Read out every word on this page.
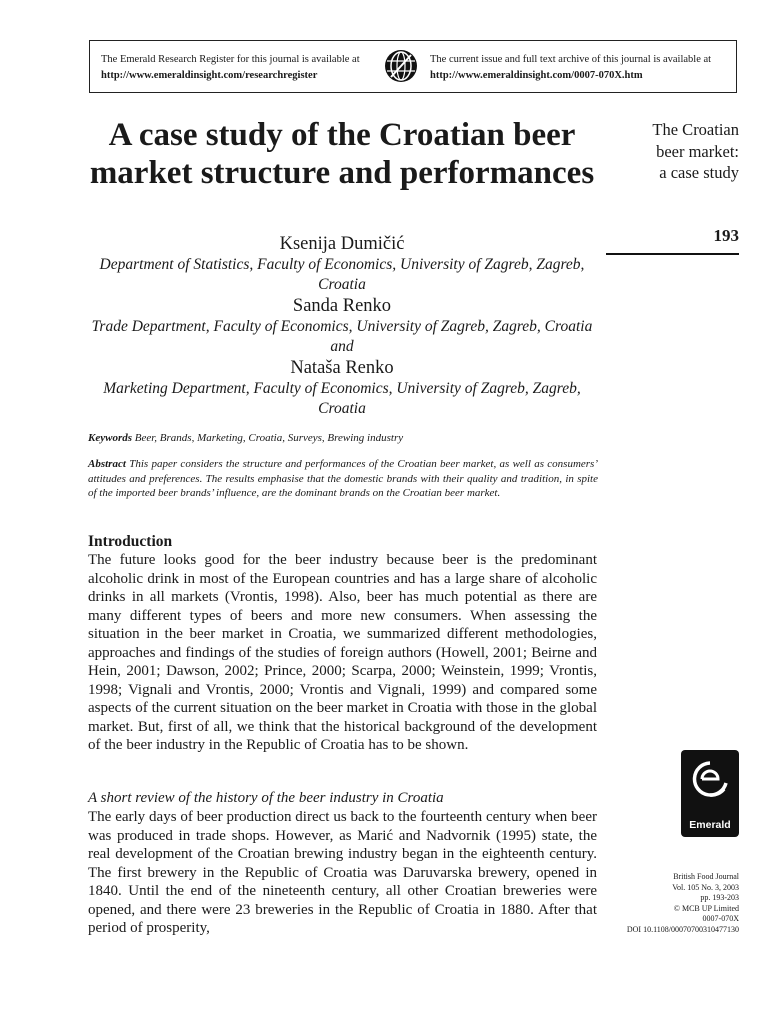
The Emerald Research Register for this journal is available at
http://www.emeraldinsight.com/researchregister
The current issue and full text archive of this journal is available at
http://www.emeraldinsight.com/0007-070X.htm
A case study of the Croatian beer market structure and performances
Ksenija Dumičić
Department of Statistics, Faculty of Economics, University of Zagreb, Zagreb, Croatia
Sanda Renko
Trade Department, Faculty of Economics, University of Zagreb, Zagreb, Croatia and
Nataša Renko
Marketing Department, Faculty of Economics, University of Zagreb, Zagreb, Croatia
The Croatian
beer market:
a case study
193
Keywords Beer, Brands, Marketing, Croatia, Surveys, Brewing industry
Abstract This paper considers the structure and performances of the Croatian beer market, as well as consumers’ attitudes and preferences. The results emphasise that the domestic brands with their quality and tradition, in spite of the imported beer brands’ influence, are the dominant brands on the Croatian beer market.
Introduction
The future looks good for the beer industry because beer is the predominant alcoholic drink in most of the European countries and has a large share of alcoholic drinks in all markets (Vrontis, 1998). Also, beer has much potential as there are many different types of beers and more new consumers. When assessing the situation in the beer market in Croatia, we summarized different methodologies, approaches and findings of the studies of foreign authors (Howell, 2001; Beirne and Hein, 2001; Dawson, 2002; Prince, 2000; Scarpa, 2000; Weinstein, 1999; Vrontis, 1998; Vignali and Vrontis, 2000; Vrontis and Vignali, 1999) and compared some aspects of the current situation on the beer market in Croatia with those in the global market. But, first of all, we think that the historical background of the development of the beer industry in the Republic of Croatia has to be shown.
A short review of the history of the beer industry in Croatia
The early days of beer production direct us back to the fourteenth century when beer was produced in trade shops. However, as Marić and Nadvornik (1995) state, the real development of the Croatian brewing industry began in the eighteenth century. The first brewery in the Republic of Croatia was Daruvarska brewery, opened in 1840. Until the end of the nineteenth century, all other Croatian breweries were opened, and there were 23 breweries in the Republic of Croatia in 1880. After that period of prosperity,
Emerald
British Food Journal
Vol. 105 No. 3, 2003
pp. 193-203
© MCB UP Limited
0007-070X
DOI 10.1108/00070700310477130
